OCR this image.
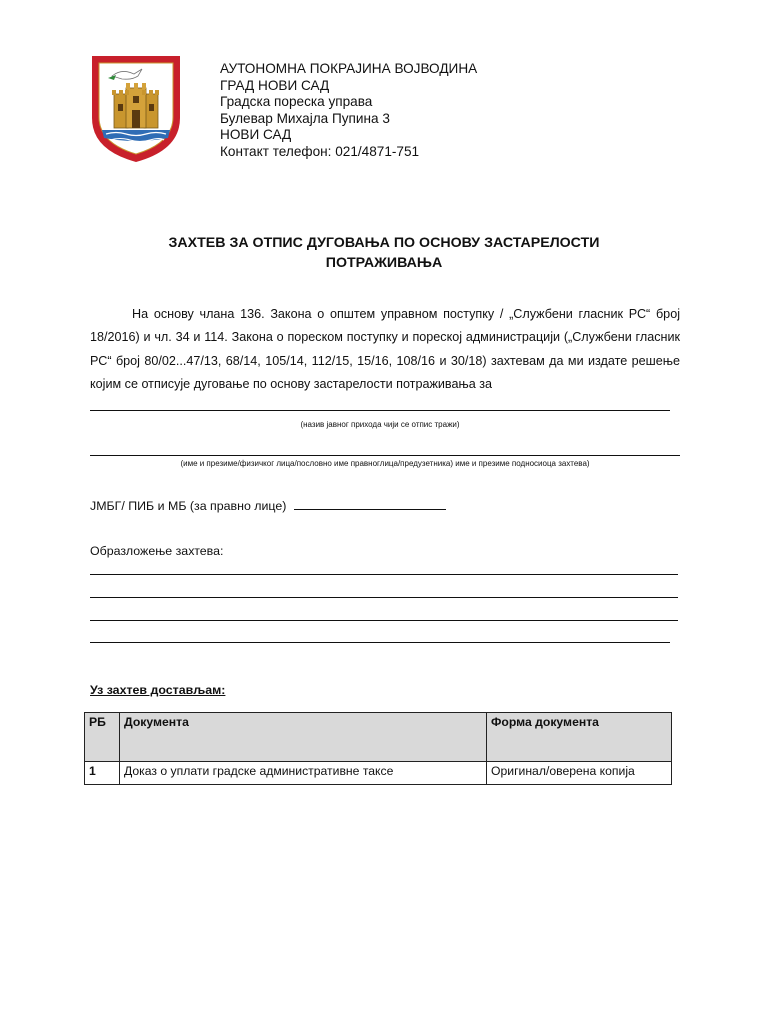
АУТОНОМНА ПОКРАЈИНА ВОЈВОДИНА
ГРАД НОВИ САД
Градска пореска управа
Булевар Михајла Пупина 3
НОВИ САД
Контакт телефон: 021/4871-751
ЗАХТЕВ ЗА ОТПИС ДУГОВАЊА ПО ОСНОВУ ЗАСТАРЕЛОСТИ
ПОТРАЖИВАЊА

На основу члана 136. Закона о општем управном поступку / „Службени гласник РС“ број 18/2016) и чл. 34 и 114. Закона о пореском поступку и пореској администрацији („Службени гласник РС“ број 80/02...47/13, 68/14, 105/14, 112/15, 15/16, 108/16 и 30/18) захтевам да ми издате решење којим се отписује дуговање по основу застарелости потраживања за

(назив јавног прихода чији се отпис тражи)
(име и презиме/физичког лица/пословно име правноглица/предузетника) име и презиме подносиоца захтева)
ЈМБГ/ ПИБ и МБ (за правно лице)
Образложење захтева:
Уз захтев достављам:
РБ	Документа	Форма документа
1	Доказ о уплати градске административне таксе	Оригинал/оверена копија
